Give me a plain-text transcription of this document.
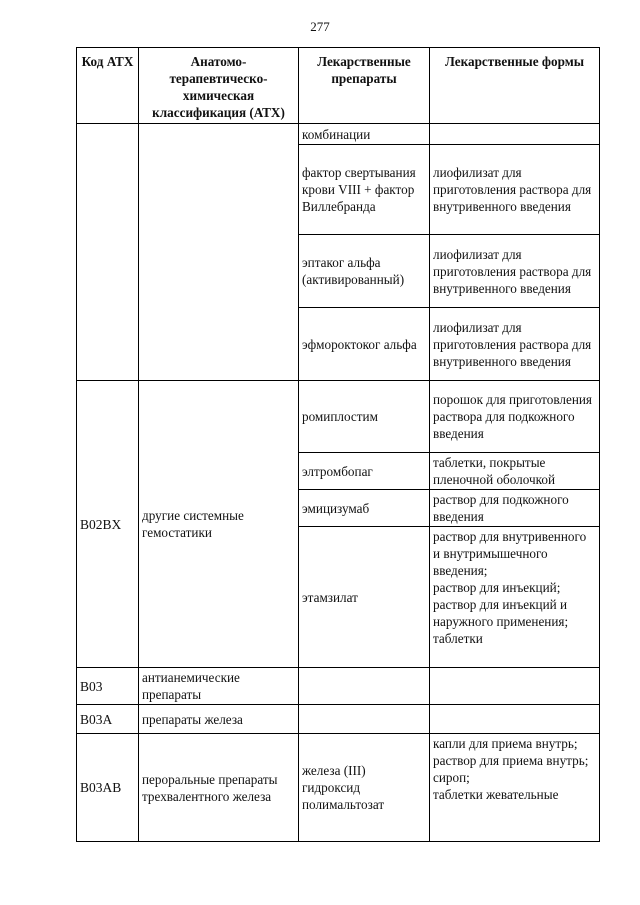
277
Код АТХ	Анатомо-терапевтическо-химическая классификация (АТХ)	Лекарственные препараты	Лекарственные формы
		комбинации	
		фактор свертывания крови VIII + фактор Виллебранда	лиофилизат для приготовления раствора для внутривенного введения
		эптаког альфа (активированный)	лиофилизат для приготовления раствора для внутривенного введения
		эфмороктоког альфа	лиофилизат для приготовления раствора для внутривенного введения
B02BX	другие системные гемостатики	ромиплостим	порошок для приготовления раствора для подкожного введения
		элтромбопаг	таблетки, покрытые пленочной оболочкой
		эмицизумаб	раствор для подкожного введения
		этамзилат	раствор для внутривенного и внутримышечного введения;
раствор для инъекций;
раствор для инъекций и наружного применения;
таблетки

B03	антианемические препараты		
B03A	препараты железа		
B03AB	пероральные препараты трехвалентного железа	железа (III) гидроксид полимальтозат	капли для приема внутрь;
раствор для приема внутрь;
сироп;
таблетки жевательные
